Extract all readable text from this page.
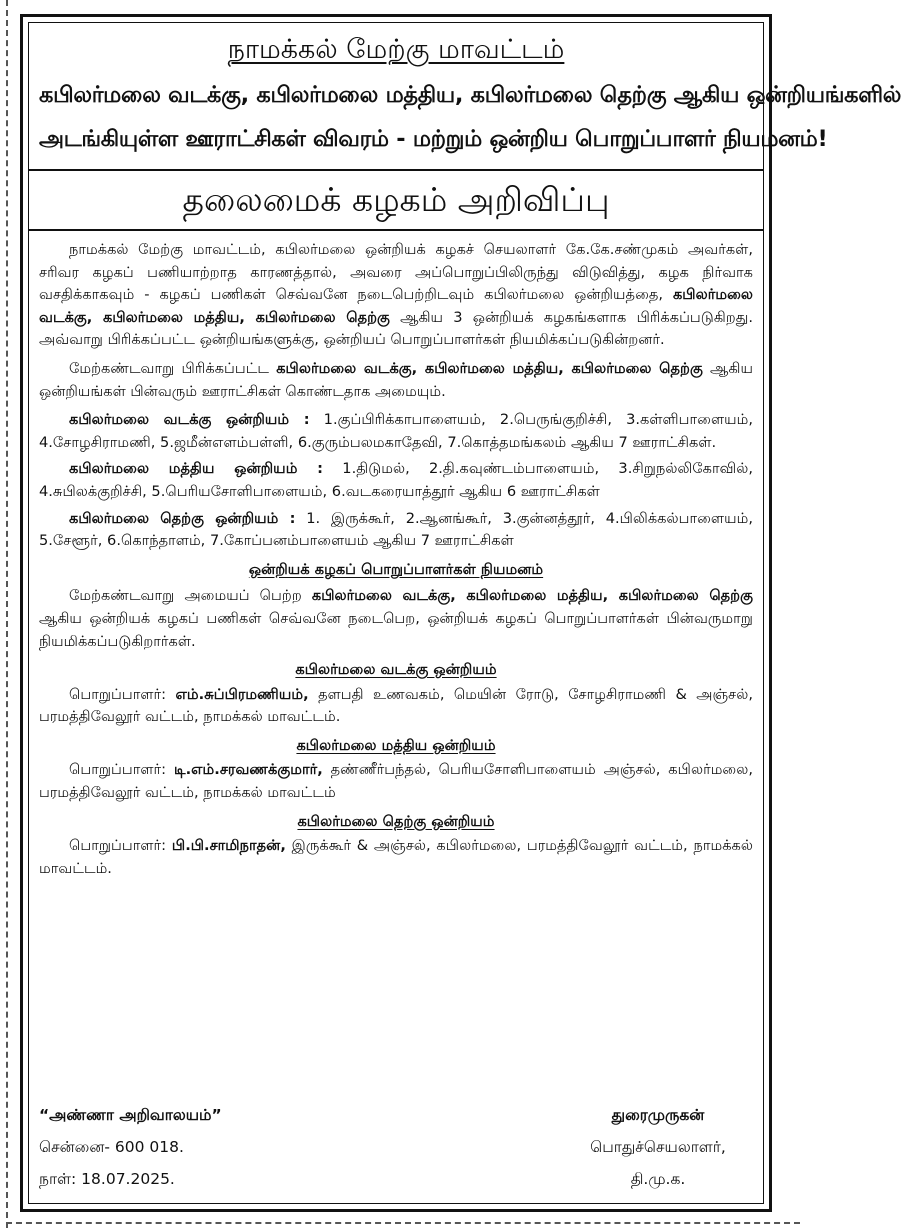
நாமக்கல் மேற்கு மாவட்டம்
கபிலர்மலை வடக்கு, கபிலர்மலை மத்திய, கபிலர்மலை தெற்கு ஆகிய ஒன்றியங்களில்
அடங்கியுள்ள ஊராட்சிகள் விவரம் - மற்றும் ஒன்றிய பொறுப்பாளர் நியமனம்!
தலைமைக் கழகம் அறிவிப்பு

நாமக்கல் மேற்கு மாவட்டம், கபிலர்மலை ஒன்றியக் கழகச் செயலாளர் கே.கே.சண்முகம் அவர்கள், சரிவர கழகப் பணியாற்றாத காரணத்தால், அவரை அப்பொறுப்பிலிருந்து விடுவித்து, கழக நிர்வாக வசதிக்காகவும் - கழகப் பணிகள் செவ்வனே நடைபெற்றிடவும் கபிலர்மலை ஒன்றியத்தை, கபிலர்மலை வடக்கு, கபிலர்மலை மத்திய, கபிலர்மலை தெற்கு ஆகிய 3 ஒன்றியக் கழகங்களாக பிரிக்கப்படுகிறது. அவ்வாறு பிரிக்கப்பட்ட ஒன்றியங்களுக்கு, ஒன்றியப் பொறுப்பாளர்கள் நியமிக்கப்படுகின்றனர்.

மேற்கண்டவாறு பிரிக்கப்பட்ட கபிலர்மலை வடக்கு, கபிலர்மலை மத்திய, கபிலர்மலை தெற்கு ஆகிய ஒன்றியங்கள் பின்வரும் ஊராட்சிகள் கொண்டதாக அமையும்.

கபிலர்மலை வடக்கு ஒன்றியம் : 1.குப்பிரிக்காபாளையம், 2.பெருங்குறிச்சி, 3.கள்ளிபாளையம், 4.சோழசிராமணி, 5.ஜமீன்எளம்பள்ளி, 6.குரும்பலமகாதேவி, 7.கொத்தமங்கலம் ஆகிய 7 ஊராட்சிகள்.

கபிலர்மலை மத்திய ஒன்றியம் : 1.திடுமல், 2.தி.கவுண்டம்பாளையம், 3.சிறுநல்லிகோவில், 4.சுபிலக்குறிச்சி, 5.பெரியசோளிபாளையம், 6.வடகரையாத்தூர் ஆகிய 6 ஊராட்சிகள்

கபிலர்மலை தெற்கு ஒன்றியம் : 1. இருக்கூர், 2.ஆனங்கூர், 3.குன்னத்தூர், 4.பிலிக்கல்பாளையம், 5.சேளூர், 6.கொந்தாளம், 7.கோப்பனம்பாளையம் ஆகிய 7 ஊராட்சிகள்

ஒன்றியக் கழகப் பொறுப்பாளர்கள் நியமனம்

மேற்கண்டவாறு அமையப் பெற்ற கபிலர்மலை வடக்கு, கபிலர்மலை மத்திய, கபிலர்மலை தெற்கு ஆகிய ஒன்றியக் கழகப் பணிகள் செவ்வனே நடைபெற, ஒன்றியக் கழகப் பொறுப்பாளர்கள் பின்வருமாறு நியமிக்கப்படுகிறார்கள்.

கபிலர்மலை வடக்கு ஒன்றியம்

பொறுப்பாளர்: எம்.சுப்பிரமணியம், தளபதி உணவகம், மெயின் ரோடு, சோழசிராமணி & அஞ்சல், பரமத்திவேலூர் வட்டம், நாமக்கல் மாவட்டம்.

கபிலர்மலை மத்திய ஒன்றியம்

பொறுப்பாளர்: டி.எம்.சரவணக்குமார், தண்ணீர்பந்தல், பெரியசோளிபாளையம் அஞ்சல், கபிலர்மலை, பரமத்திவேலூர் வட்டம், நாமக்கல் மாவட்டம்

கபிலர்மலை தெற்கு ஒன்றியம்

பொறுப்பாளர்: பி.பி.சாமிநாதன், இருக்கூர் & அஞ்சல், கபிலர்மலை, பரமத்திவேலூர் வட்டம், நாமக்கல் மாவட்டம்.

“அண்ணா அறிவாலயம்”	துரைமுருகன்
சென்னை- 600 018.	பொதுச்செயலாளர்,
நாள்: 18.07.2025.	தி.மு.க.
